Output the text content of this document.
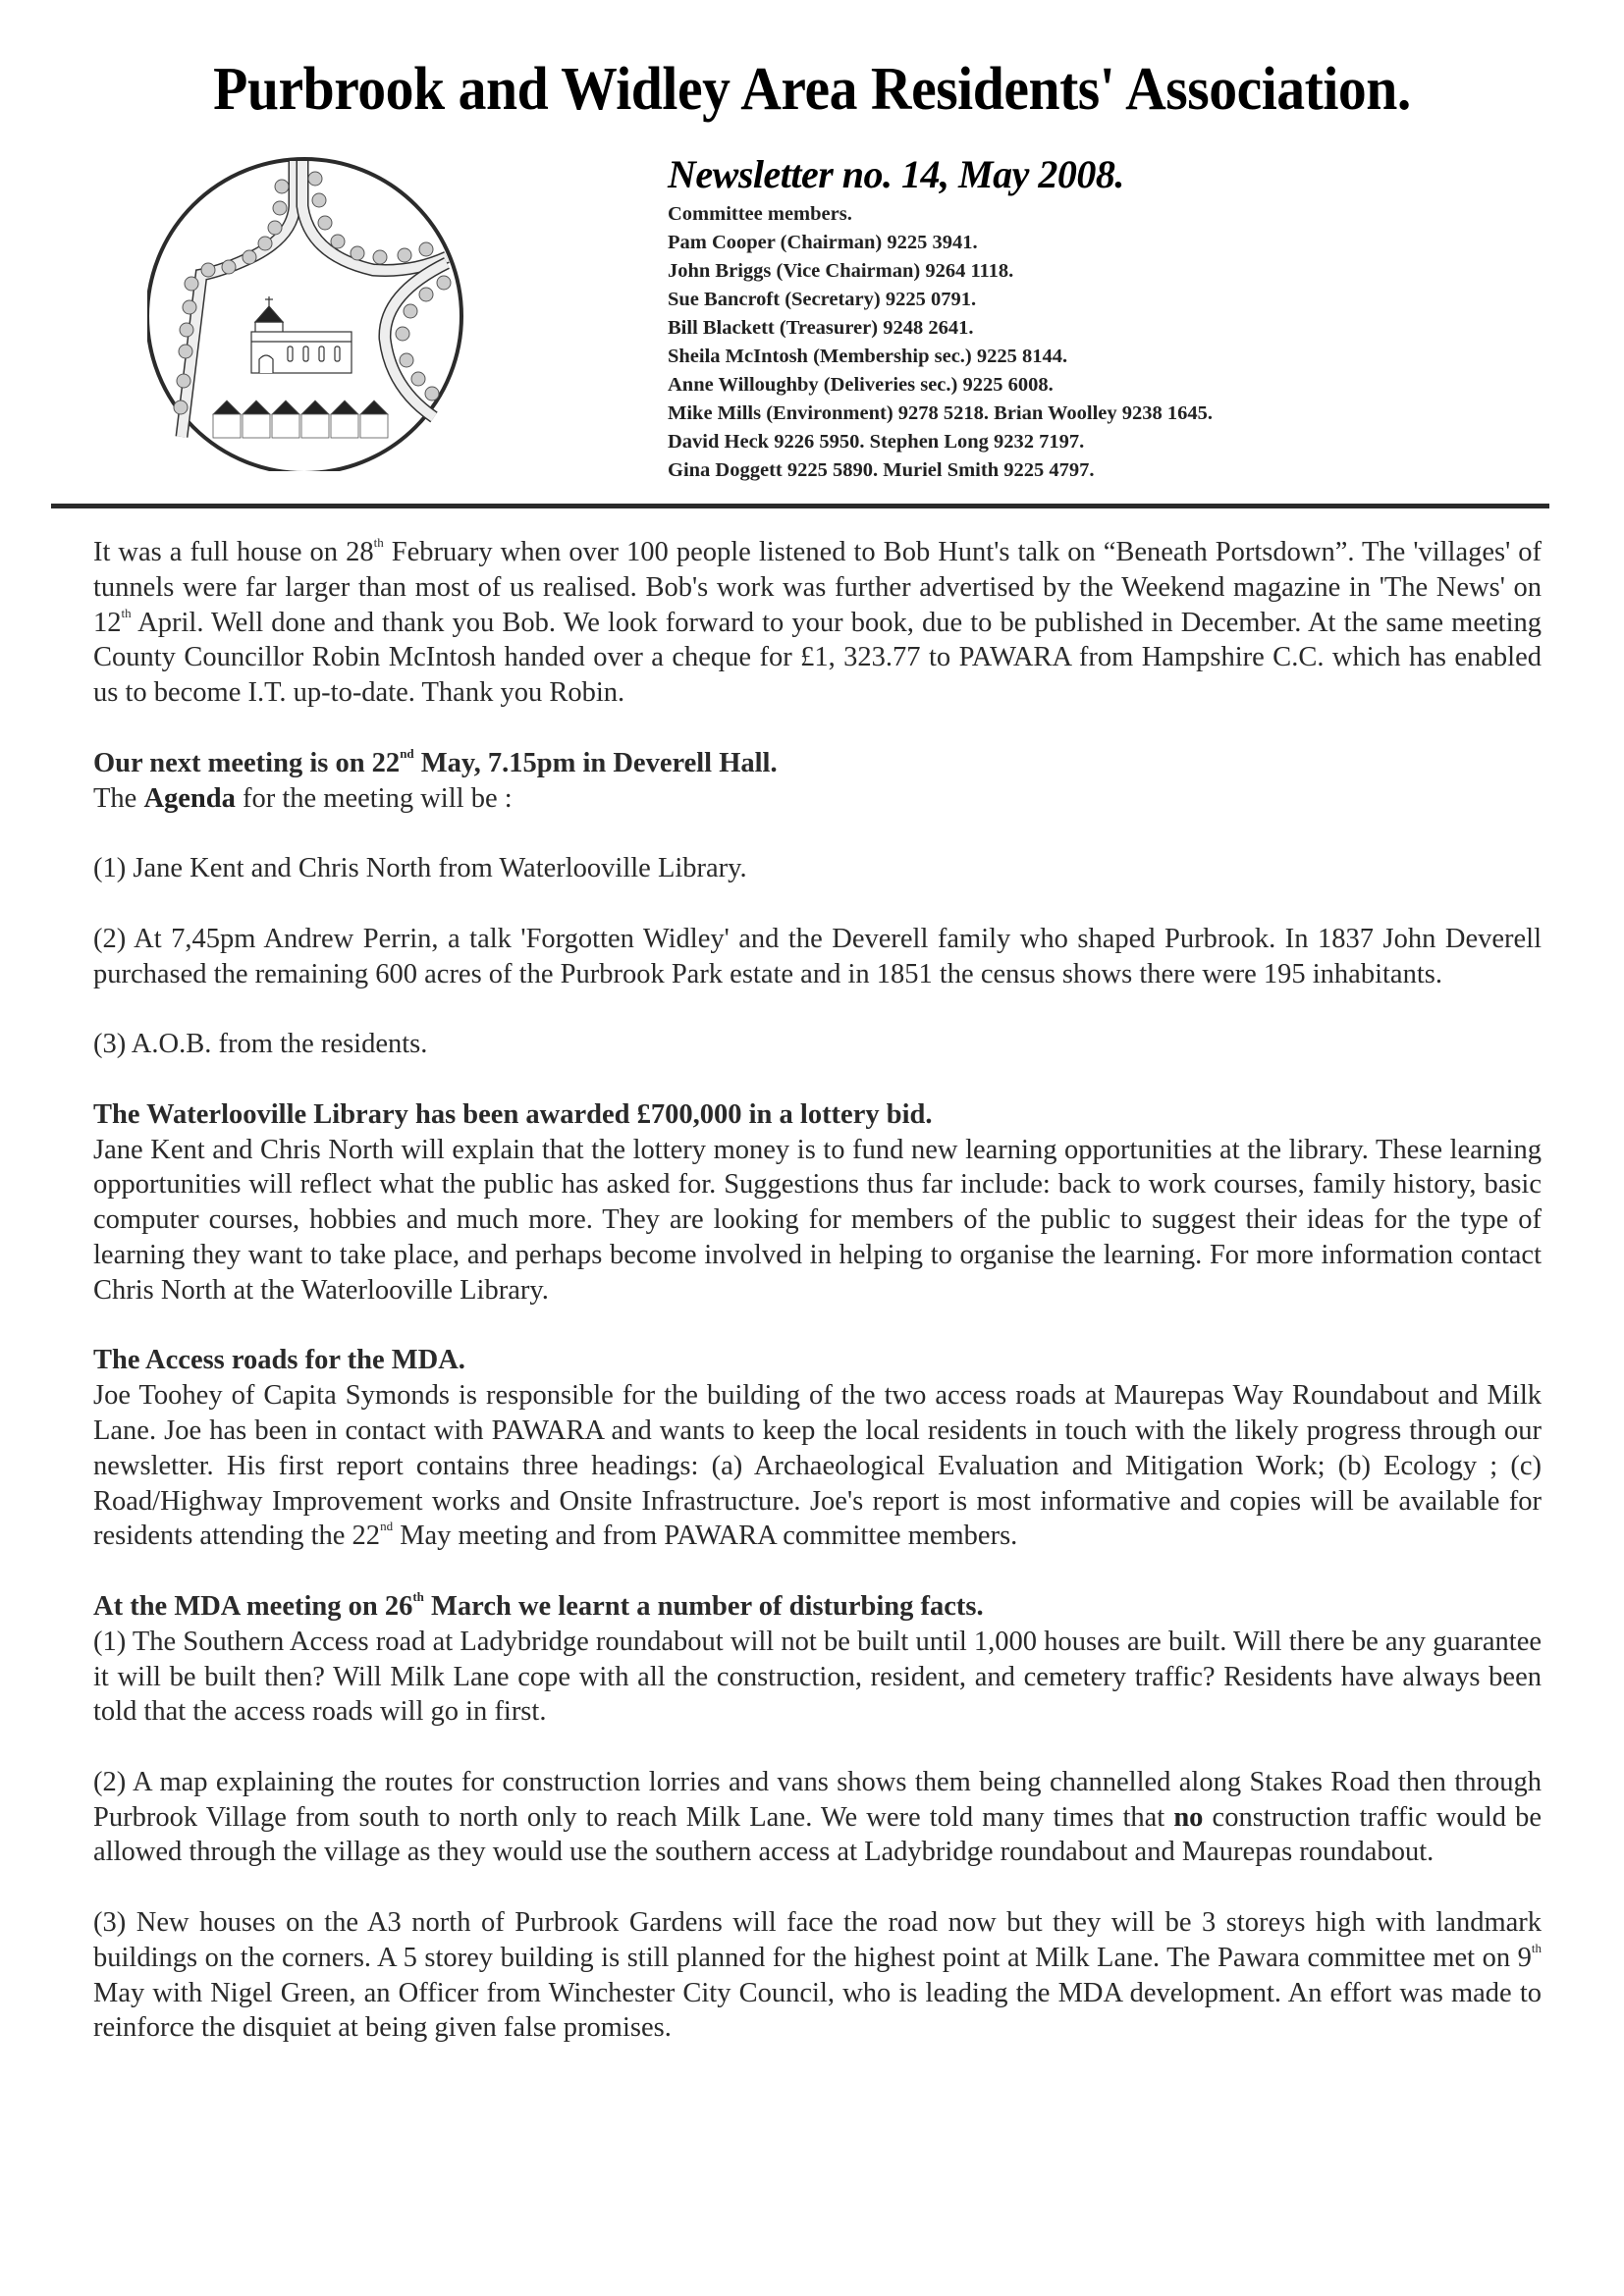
Purbrook and Widley Area Residents' Association.
Newsletter no. 14, May 2008.
Committee members.
Pam Cooper (Chairman) 9225 3941.
John Briggs (Vice Chairman) 9264 1118.
Sue Bancroft (Secretary) 9225 0791.
Bill Blackett (Treasurer) 9248 2641.
Sheila McIntosh (Membership sec.) 9225 8144.
Anne Willoughby (Deliveries sec.) 9225 6008.
Mike Mills (Environment) 9278 5218. Brian Woolley 9238 1645.
David Heck 9226 5950. Stephen Long 9232 7197.
Gina Doggett 9225 5890. Muriel Smith 9225 4797.

It was a full house on 28th February when over 100 people listened to Bob Hunt's talk on “Beneath Portsdown”. The 'villages' of tunnels were far larger than most of us realised. Bob's work was further advertised by the Weekend magazine in 'The News' on 12th April. Well done and thank you Bob. We look forward to your book, due to be published in December. At the same meeting County Councillor Robin McIntosh handed over a cheque for £1, 323.77 to PAWARA from Hampshire C.C. which has enabled us to become I.T. up-to-date. Thank you Robin.

Our next meeting is on 22nd May, 7.15pm in Deverell Hall.

The Agenda for the meeting will be :

(1) Jane Kent and Chris North from Waterlooville Library.

(2) At 7,45pm Andrew Perrin, a talk 'Forgotten Widley' and the Deverell family who shaped Purbrook. In 1837 John Deverell purchased the remaining 600 acres of the Purbrook Park estate and in 1851 the census shows there were 195 inhabitants.

(3) A.O.B. from the residents.

The Waterlooville Library has been awarded £700,000 in a lottery bid.

Jane Kent and Chris North will explain that the lottery money is to fund new learning opportunities at the library. These learning opportunities will reflect what the public has asked for. Suggestions thus far include: back to work courses, family history, basic computer courses, hobbies and much more. They are looking for members of the public to suggest their ideas for the type of learning they want to take place, and perhaps become involved in helping to organise the learning. For more information contact Chris North at the Waterlooville Library.

The Access roads for the MDA.

Joe Toohey of Capita Symonds is responsible for the building of the two access roads at Maurepas Way Roundabout and Milk Lane. Joe has been in contact with PAWARA and wants to keep the local residents in touch with the likely progress through our newsletter. His first report contains three headings: (a) Archaeological Evaluation and Mitigation Work; (b) Ecology ; (c) Road/Highway Improvement works and Onsite Infrastructure. Joe's report is most informative and copies will be available for residents attending the 22nd May meeting and from PAWARA committee members.

At the MDA meeting on 26th March we learnt a number of disturbing facts.

(1) The Southern Access road at Ladybridge roundabout will not be built until 1,000 houses are built. Will there be any guarantee it will be built then? Will Milk Lane cope with all the construction, resident, and cemetery traffic? Residents have always been told that the access roads will go in first.

(2) A map explaining the routes for construction lorries and vans shows them being channelled along Stakes Road then through Purbrook Village from south to north only to reach Milk Lane. We were told many times that no construction traffic would be allowed through the village as they would use the southern access at Ladybridge roundabout and Maurepas roundabout.

(3) New houses on the A3 north of Purbrook Gardens will face the road now but they will be 3 storeys high with landmark buildings on the corners. A 5 storey building is still planned for the highest point at Milk Lane. The Pawara committee met on 9th May with Nigel Green, an Officer from Winchester City Council, who is leading the MDA development. An effort was made to reinforce the disquiet at being given false promises.
